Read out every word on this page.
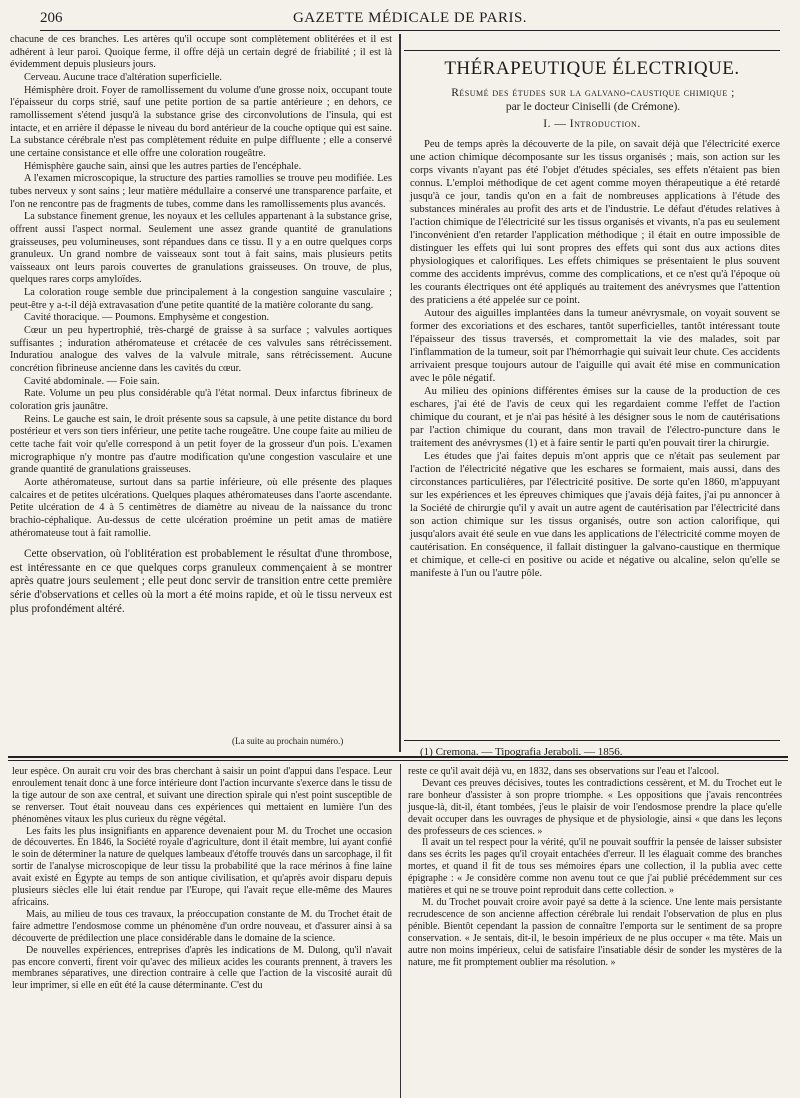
206	GAZETTE MÉDICALE DE PARIS.

chacune de ces branches. Les artères qu'il occupe sont complètement oblitérées et il est adhérent à leur paroi. Quoique ferme, il offre déjà un certain degré de friabilité ; il est là évidemment depuis plusieurs jours.

Cerveau. Aucune trace d'altération superficielle.

Hémisphère droit. Foyer de ramollissement du volume d'une grosse noix, occupant toute l'épaisseur du corps strié, sauf une petite portion de sa partie antérieure ; en dehors, ce ramollissement s'étend jusqu'à la substance grise des circonvolutions de l'insula, qui est intacte, et en arrière il dépasse le niveau du bord antérieur de la couche optique qui est saine. La substance cérébrale n'est pas complètement réduite en pulpe diffluente ; elle a conservé une certaine consistance et elle offre une coloration rougeâtre.

Hémisphère gauche sain, ainsi que les autres parties de l'encéphale.

A l'examen microscopique, la structure des parties ramollies se trouve peu modifiée. Les tubes nerveux y sont sains ; leur matière médullaire a conservé une transparence parfaite, et l'on ne rencontre pas de fragments de tubes, comme dans les ramollissements plus avancés.

La substance finement grenue, les noyaux et les cellules appartenant à la substance grise, offrent aussi l'aspect normal. Seulement une assez grande quantité de granulations graisseuses, peu volumineuses, sont répandues dans ce tissu. Il y a en outre quelques corps granuleux. Un grand nombre de vaisseaux sont tout à fait sains, mais plusieurs petits vaisseaux ont leurs parois couvertes de granulations graisseuses. On trouve, de plus, quelques rares corps amyloïdes.

La coloration rouge semble due principalement à la congestion sanguine vasculaire ; peut-être y a-t-il déjà extravasation d'une petite quantité de la matière colorante du sang.

Cavité thoracique. — Poumons. Emphysème et congestion.

Cœur un peu hypertrophié, très-chargé de graisse à sa surface ; valvules aortiques suffisantes ; induration athéromateuse et crétacée de ces valvules sans rétrécissement. Induratiou analogue des valves de la valvule mitrale, sans rétrécissement. Aucune concrétion fibrineuse ancienne dans les cavités du cœur.

Cavité abdominale. — Foie sain.

Rate. Volume un peu plus considérable qu'à l'état normal. Deux infarctus fibrineux de coloration gris jaunâtre.

Reins. Le gauche est sain, le droit présente sous sa capsule, à une petite distance du bord postérieur et vers son tiers inférieur, une petite tache rougeâtre. Une coupe faite au milieu de cette tache fait voir qu'elle correspond à un petit foyer de la grosseur d'un pois. L'examen micrographique n'y montre pas d'autre modification qu'une congestion vasculaire et une grande quantité de granulations graisseuses.

Aorte athéromateuse, surtout dans sa partie inférieure, où elle présente des plaques calcaires et de petites ulcérations. Quelques plaques athéromateuses dans l'aorte ascendante. Petite ulcération de 4 à 5 centimètres de diamètre au niveau de la naissance du tronc brachio-céphalique. Au-dessus de cette ulcération proémine un petit amas de matière athéromateuse tout à fait ramollie.

Cette observation, où l'oblitération est probablement le résultat d'une thrombose, est intéressante en ce que quelques corps granuleux commençaient à se montrer après quatre jours seulement ; elle peut donc servir de transition entre cette première série d'observations et celles où la mort a été moins rapide, et où le tissu nerveux est plus profondément altéré.

(La suite au prochain numéro.)
THÉRAPEUTIQUE ÉLECTRIQUE.
Résumé des études sur la galvano-caustique chimique ;
par le docteur Ciniselli (de Crémone).
I. — Introduction.

Peu de temps après la découverte de la pile, on savait déjà que l'électricité exerce une action chimique décomposante sur les tissus organisés ; mais, son action sur les corps vivants n'ayant pas été l'objet d'études spéciales, ses effets n'étaient pas bien connus. L'emploi méthodique de cet agent comme moyen thérapeutique a été retardé jusqu'à ce jour, tandis qu'on en a fait de nombreuses applications à l'étude des substances minérales au profit des arts et de l'industrie. Le défaut d'études relatives à l'action chimique de l'électricité sur les tissus organisés et vivants, n'a pas eu seulement l'inconvénient d'en retarder l'application méthodique ; il était en outre impossible de distinguer les effets qui lui sont propres des effets qui sont dus aux actions dites physiologiques et calorifiques. Les effets chimiques se présentaient le plus souvent comme des accidents imprévus, comme des complications, et ce n'est qu'à l'époque où les courants électriques ont été appliqués au traitement des anévrysmes que l'attention des praticiens a été appelée sur ce point.

Autour des aiguilles implantées dans la tumeur anévrysmale, on voyait souvent se former des excoriations et des eschares, tantôt superficielles, tantôt intéressant toute l'épaisseur des tissus traversés, et compromettait la vie des malades, soit par l'inflammation de la tumeur, soit par l'hémorrhagie qui suivait leur chute. Ces accidents arrivaient presque toujours autour de l'aiguille qui avait été mise en communication avec le pôle négatif.

Au milieu des opinions différentes émises sur la cause de la production de ces eschares, j'ai été de l'avis de ceux qui les regardaient comme l'effet de l'action chimique du courant, et je n'ai pas hésité à les désigner sous le nom de cautérisations par l'action chimique du courant, dans mon travail de l'électro-puncture dans le traitement des anévrysmes (1) et à faire sentir le parti qu'en pouvait tirer la chirurgie.

Les études que j'ai faites depuis m'ont appris que ce n'était pas seulement par l'action de l'électricité négative que les eschares se formaient, mais aussi, dans des circonstances particulières, par l'électricité positive. De sorte qu'en 1860, m'appuyant sur les expériences et les épreuves chimiques que j'avais déjà faites, j'ai pu annoncer à la Société de chirurgie qu'il y avait un autre agent de cautérisation par l'électricité dans son action chimique sur les tissus organisés, outre son action calorifique, qui jusqu'alors avait été seule en vue dans les applications de l'électricité comme moyen de cautérisation. En conséquence, il fallait distinguer la galvano-caustique en thermique et chimique, et celle-ci en positive ou acide et négative ou alcaline, selon qu'elle se manifeste à l'un ou l'autre pôle.

(1) Cremona. — Tipografia Jeraboli. — 1856.

leur espèce. On aurait cru voir des bras cherchant à saisir un point d'appui dans l'espace. Leur enroulement tenait donc à une force intérieure dont l'action incurvante s'exerce dans le tissu de la tige autour de son axe central, et suivant une direction spirale qui n'est point susceptible de se renverser. Tout était nouveau dans ces expériences qui mettaient en lumière l'un des phénomènes vitaux les plus curieux du règne végétal.

Les faits les plus insignifiants en apparence devenaient pour M. du Trochet une occasion de découvertes. En 1846, la Société royale d'agriculture, dont il était membre, lui ayant confié le soin de déterminer la nature de quelques lambeaux d'étoffe trouvés dans un sarcophage, il fit sortir de l'analyse microscopique de leur tissu la probabilité que la race mérinos à fine laine avait existé en Égypte au temps de son antique civilisation, et qu'après avoir disparu depuis plusieurs siècles elle lui était rendue par l'Europe, qui l'avait reçue elle-même des Maures africains.

Mais, au milieu de tous ces travaux, la préoccupation constante de M. du Trochet était de faire admettre l'endosmose comme un phénomène d'un ordre nouveau, et d'assurer ainsi à sa découverte de prédilection une place considérable dans le domaine de la science.

De nouvelles expériences, entreprises d'après les indications de M. Dulong, qu'il n'avait pas encore converti, firent voir qu'avec des milieux acides les courants prennent, à travers les membranes séparatives, une direction contraire à celle que l'action de la viscosité aurait dû leur imprimer, si elle en eût été la cause déterminante. C'est du

reste ce qu'il avait déjà vu, en 1832, dans ses observations sur l'eau et l'alcool.

Devant ces preuves décisives, toutes les contradictions cessèrent, et M. du Trochet eut le rare bonheur d'assister à son propre triomphe. « Les oppositions que j'avais rencontrées jusque-là, dit-il, étant tombées, j'eus le plaisir de voir l'endosmose prendre la place qu'elle devait occuper dans les ouvrages de physique et de physiologie, ainsi « que dans les leçons des professeurs de ces sciences. »

Il avait un tel respect pour la vérité, qu'il ne pouvait souffrir la pensée de laisser subsister dans ses écrits les pages qu'il croyait entachées d'erreur. Il les élaguait comme des branches mortes, et quand il fit de tous ses mémoires épars une collection, il la publia avec cette épigraphe : « Je considère comme non avenu tout ce que j'ai publié précédemment sur ces matières et qui ne se trouve point reproduit dans cette collection. »

M. du Trochet pouvait croire avoir payé sa dette à la science. Une lente mais persistante recrudescence de son ancienne affection cérébrale lui rendait l'observation de plus en plus pénible. Bientôt cependant la passion de connaître l'emporta sur le sentiment de sa propre conservation. « Je sentais, dit-il, le besoin impérieux de ne plus occuper « ma tête. Mais un autre non moins impérieux, celui de satisfaire l'insatiable désir de sonder les mystères de la nature, me fit promptement oublier ma résolution. »
